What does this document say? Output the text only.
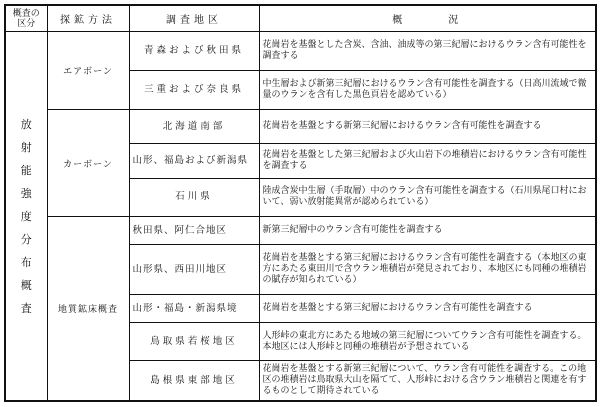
概査の区分	探鉱方法	調査地区	概　　　況

放射能強度分布概査	エアボーン	青森および秋田県	花崗岩を基盤とした含炭、含油、油成等の第三紀層におけるウラン含有可能性を調査する
		三重および奈良県	中生層および新第三紀層におけるウラン含有可能性を調査する（日高川流域で微量のウランを含有した黒色頁岩を認めている）
	カーボーン	北海道南部	花崗岩を基盤とする新第三紀層におけるウラン含有可能性を調査する
		山形、福島および新潟県	花崗岩を基盤とした第三紀層および火山岩下の堆積岩におけるウラン含有可能性を調査する
		石川県	陸成含炭中生層（手取層）中のウラン含有可能性を調査する（石川県尾口村において、弱い放射能異常が認められている）
	地質鉱床概査	秋田県、阿仁合地区	新第三紀層中のウラン含有可能性を調査する
		山形県、西田川地区	花崗岩を基盤とする第三紀層におけるウラン含有可能性を調査する（本地区の東方にあたる東田川で含ウラン堆積岩が発見されており、本地区にも同種の堆積岩の賦存が知られている）
		山形・福島・新潟県境	花崗岩を基盤とする第三紀層におけるウラン含有可能性を調査する
		鳥取県若桜地区	人形峠の東北方にあたる地域の第三紀層についてウラン含有可能性を調査する。本地区には人形峠と同種の堆積岩が予想されている
		島根県東部地区	花崗岩を基盤とする新第三紀層について、ウラン含有可能性を調査する。この地区の堆積岩は鳥取県大山を隔てて、人形峠における含ウラン堆積岩と関連を有するものとして期待されている
